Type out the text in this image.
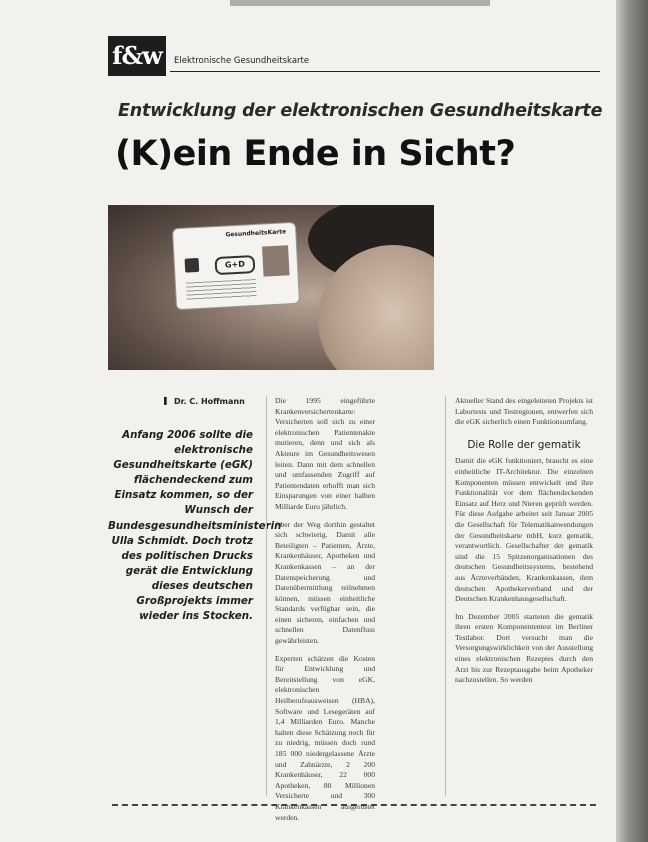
f&w	Elektronische Gesundheitskarte
Entwicklung der elektronischen Gesundheitskarte
(K)ein Ende in Sicht?
GesundheitsKarte
G+D
❚ Dr. C. Hoffmann
Anfang 2006 sollte die elektronische Gesundheitskarte (eGK) flächendeckend zum Einsatz kommen, so der Wunsch der Bundesgesundheitsministerin Ulla Schmidt. Doch trotz des politischen Drucks gerät die Entwicklung dieses deutschen Großprojekts immer wieder ins Stocken.

Die 1995 eingeführte Krankenversichertenkarte: Versicherten soll sich zu einer elektronischen Patientenakte mutieren, denn und sich als Akteure im Gesundheitswesen leiten. Dann mit dem schnellen und umfassenden Zugriff auf Patientendaten erhofft man sich Einsparungen von einer halben Milliarde Euro jährlich.

Aber der Weg dorthin gestaltet sich schwierig. Damit alle Beteiligten – Patienten, Ärzte, Krankenhäuser, Apotheken und Krankenkassen – an der Datenspeicherung und Datenübermittlung teilnehmen können, müssen einheitliche Standards verfügbar sein, die einen sicheren, einfachen und schnellen Datenfluss gewährleisten.

Experten schätzen die Kosten für Entwicklung und Bereitstellung von eGK, elektronischen Heilberufeausweisen (HBA), Software und Lesegeräten auf 1,4 Milliarden Euro. Manche halten diese Schätzung noch für zu niedrig, müssen doch rund 185 000 niedergelassene Ärzte und Zahnärzte, 2 200 Krankenhäuser, 22 000 Apotheken, 80 Millionen Versicherte und 300 Krankenkassen ausgerüstet werden.

Aktueller Stand des eingeleiteten Projekts ist Labortests und Testregionen, entwerfen sich die eGK sicherlich einen Funktionsumfang.

Die Rolle der gematik

Damit die eGK funktioniert, braucht es eine einheitliche IT-Architektur. Die einzelnen Komponenten müssen entwickelt und ihre Funktionalität vor dem flächendeckenden Einsatz auf Herz und Nieren geprüft werden. Für diese Aufgabe arbeitet seit Januar 2005 die Gesellschaft für Telematikanwendungen der Gesundheitskarte mbH, kurz gematik, verantwortlich. Gesellschafter der gematik sind die 15 Spitzenorganisationen des deutschen Gesundheitssystems, bestehend aus Ärzteverbänden, Krankenkassen, dem deutschen Apothekerverband und der Deutschen Krankenhausgesellschaft.

Im Dezember 2005 starteten die gematik ihren ersten Komponententest im Berliner Testlabor. Dort versucht man die Versorgungswirklichkeit von der Ausstellung eines elektronischen Rezeptes durch den Arzt bis zur Rezeptausgabe beim Apotheker nachzustellen. So werden
